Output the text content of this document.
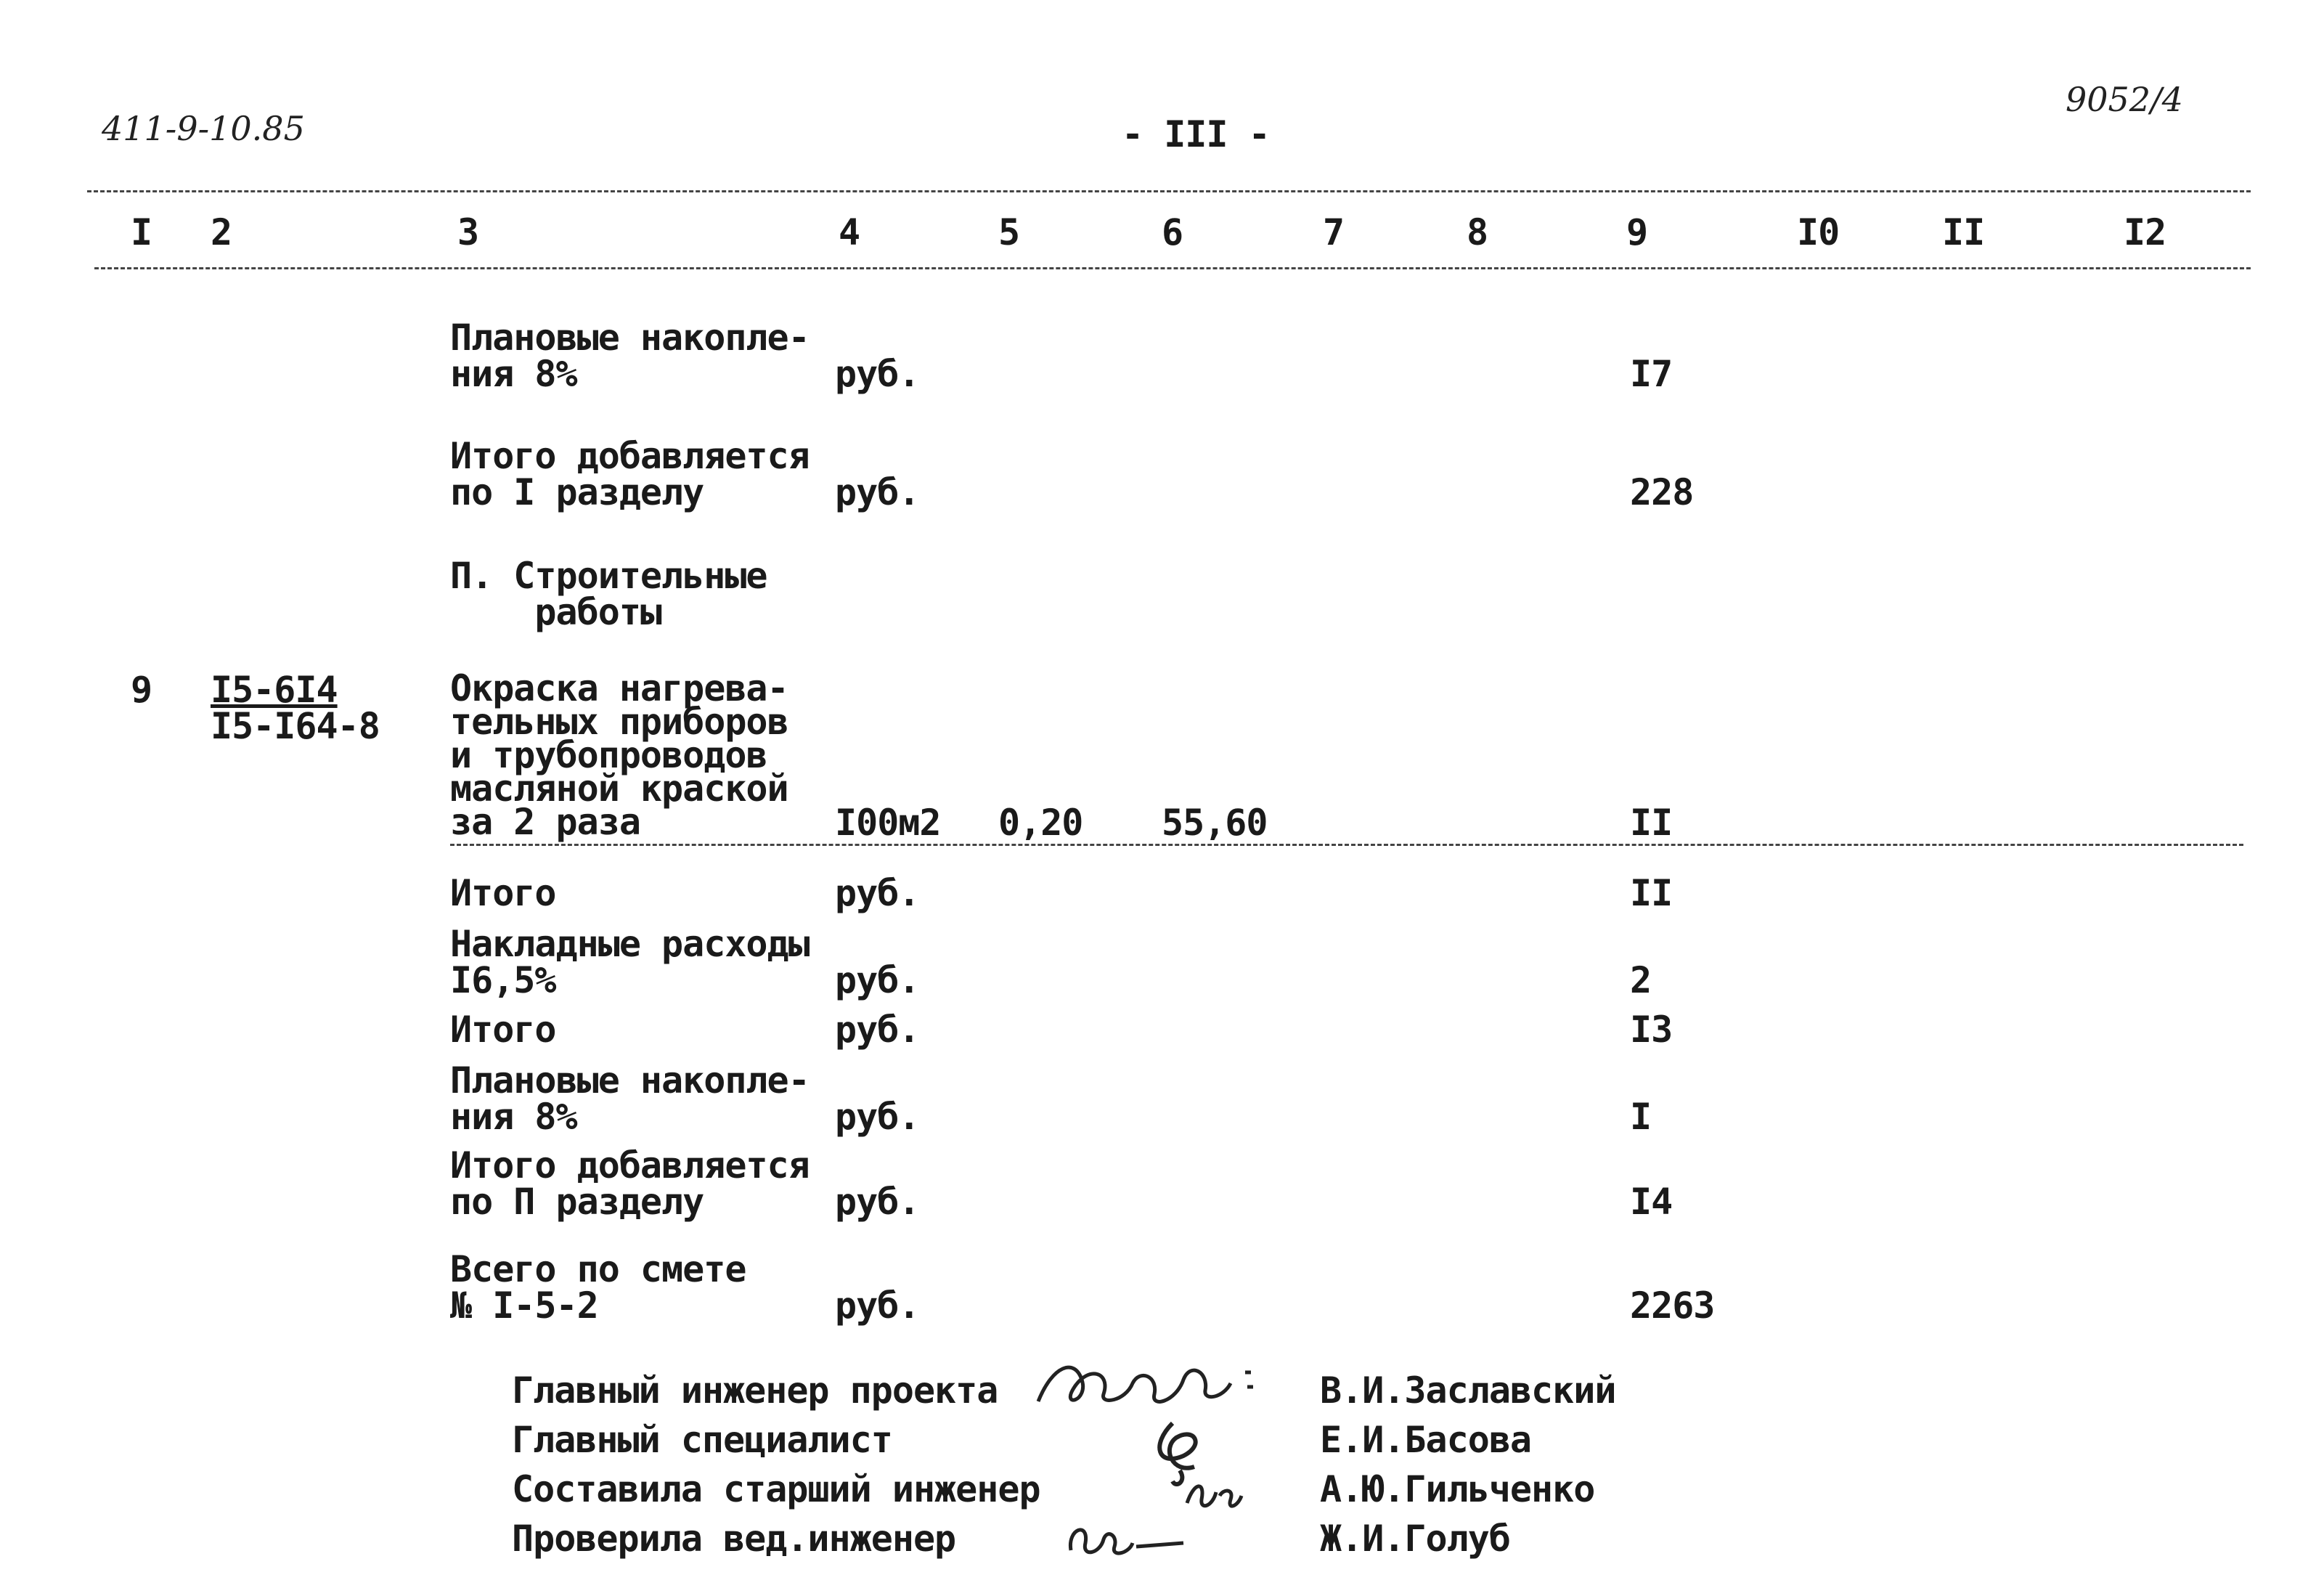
411-9-10.85	- III -
9052/4
I 2	3	4	5	6	7	8	9	I0	II	I2
Плановые накопле-
ния 8%	руб.	I7
Итого добавляется
по I разделу	руб.	228
П. Строительные
работы
9 I5-6I4
I5-I64-8
Окраска нагрева-
тельных приборов
и трубопроводов
масляной краской
за 2 раза	I00м2 0,20 55,60	II
Итого	руб.	II
Накладные расходы
I6,5%	руб.	2
Итого	руб.	I3
Плановые накопле-
ния 8%	руб.	I
Итого добавляется
по П разделу	руб.	I4
Всего по смете
№ I-5-2	руб.	2263
Главный инженер проекта	В.И.Заславский
Главный специалист	Е.И.Басова
Составила старший инженер	А.Ю.Гильченко
Проверила вед.инженер	Ж.И.Голуб
